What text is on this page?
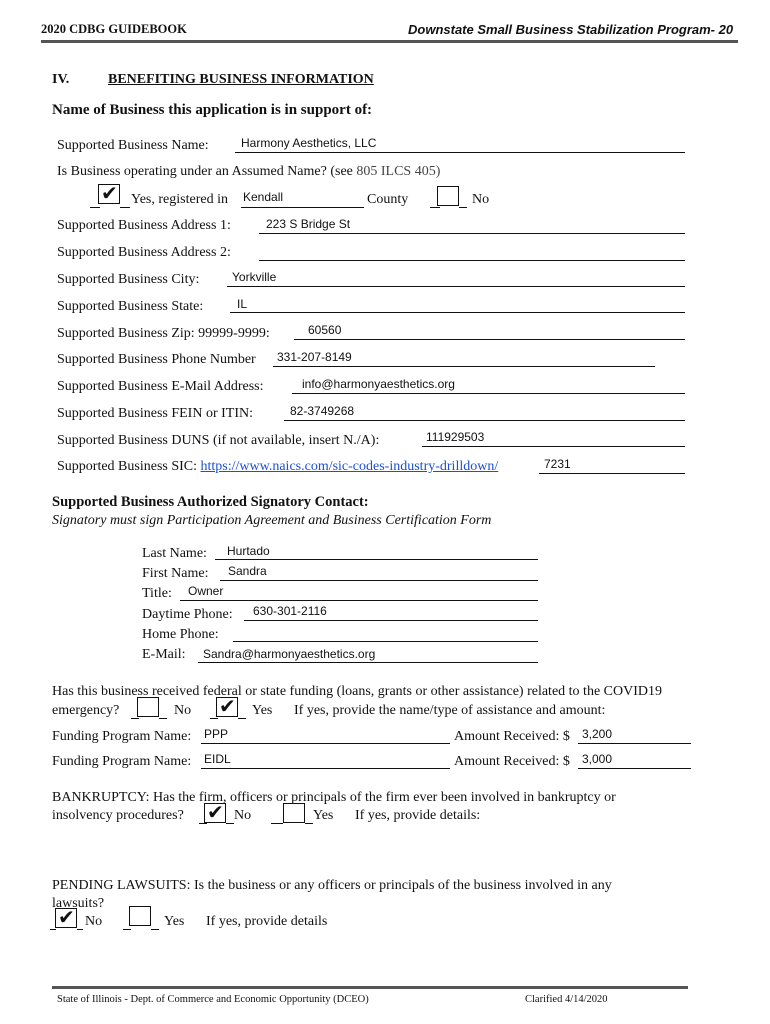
2020 CDBG GUIDEBOOK	Downstate Small Business Stabilization Program- 20
IV.	BENEFITING BUSINESS INFORMATION
Name of Business this application is in support of:
Supported Business Name:	Harmony Aesthetics, LLC
Is Business operating under an Assumed Name? (see 805 ILCS 405)
✔ Yes, registered in Kendall	County	No
Supported Business Address 1:	223 S Bridge St
Supported Business Address 2:
Supported Business City:	Yorkville
Supported Business State:	IL
Supported Business Zip: 99999-9999:	60560
Supported Business Phone Number 331-207-8149
Supported Business E-Mail Address:	info@harmonyaesthetics.org
Supported Business FEIN or ITIN:	82-3749268
Supported Business DUNS (if not available, insert N./A):	111929503
Supported Business SIC: https://www.naics.com/sic-codes-industry-drilldown/	7231
Supported Business Authorized Signatory Contact:
Signatory must sign Participation Agreement and Business Certification Form
Last Name: Hurtado
First Name: Sandra
Title: Owner
Daytime Phone: 630-301-2116
Home Phone:
E-Mail: Sandra@harmonyaesthetics.org
Has this business received federal or state funding (loans, grants or other assistance) related to the COVID19
emergency?	No ✔ Yes If yes, provide the name/type of assistance and amount:
Funding Program Name: PPP	Amount Received: $ 3,200
Funding Program Name: EIDL	Amount Received: $ 3,000
BANKRUPTCY: Has the firm, officers or principals of the firm ever been involved in bankruptcy or
insolvency procedures? ✔ No	Yes If yes, provide details:
PENDING LAWSUITS: Is the business or any officers or principals of the business involved in any
lawsuits?
✔ No	Yes If yes, provide details
State of Illinois - Dept. of Commerce and Economic Opportunity (DCEO)	Clarified 4/14/2020
